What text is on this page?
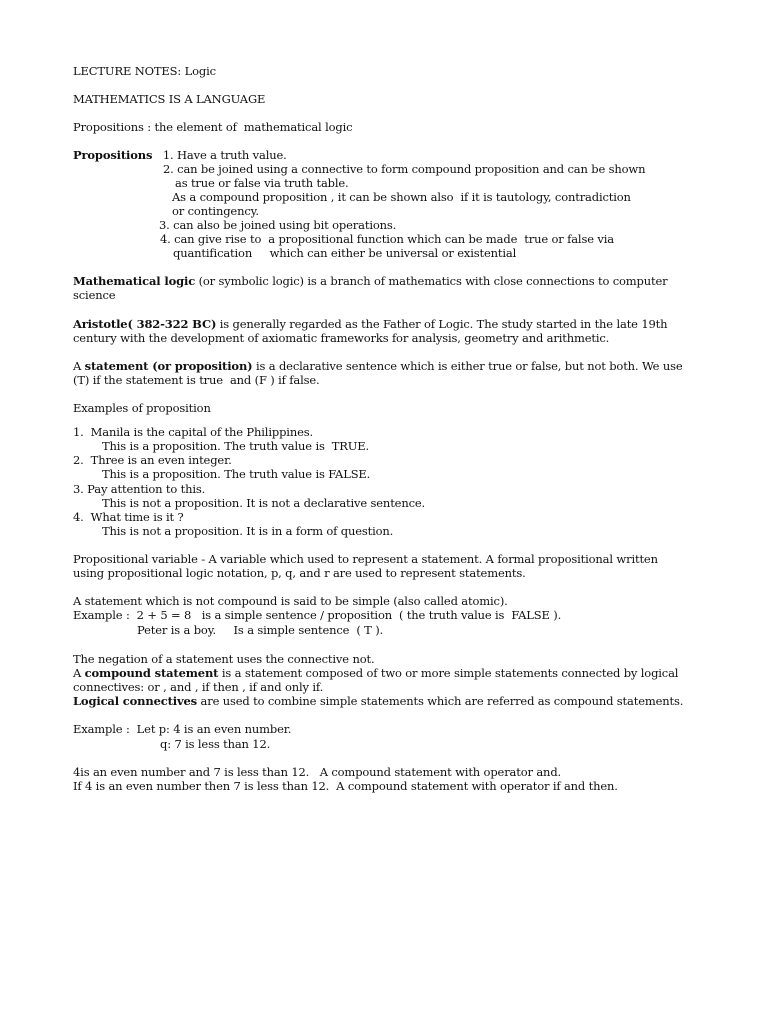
LECTURE NOTES: Logic
MATHEMATICS IS A LANGUAGE
Propositions : the element of  mathematical logic
Propositions 1. Have a truth value.
2. can be joined using a connective to form compound proposition and can be shown
as true or false via truth table.
As a compound proposition , it can be shown also  if it is tautology, contradiction
or contingency.
3. can also be joined using bit operations.
4. can give rise to  a propositional function which can be made  true or false via
quantification     which can either be universal or existential
Mathematical logic (or symbolic logic) is a branch of mathematics with close connections to computer
science
Aristotle( 382-322 BC) is generally regarded as the Father of Logic. The study started in the late 19th
century with the development of axiomatic frameworks for analysis, geometry and arithmetic.
A statement (or proposition) is a declarative sentence which is either true or false, but not both. We use
(T) if the statement is true  and (F ) if false.
Examples of proposition
1.  Manila is the capital of the Philippines.
This is a proposition. The truth value is  TRUE.
2.  Three is an even integer.
This is a proposition. The truth value is FALSE.
3. Pay attention to this.
This is not a proposition. It is not a declarative sentence.
4.  What time is it ?
This is not a proposition. It is in a form of question.
Propositional variable - A variable which used to represent a statement. A formal propositional written
using propositional logic notation, p, q, and r are used to represent statements.
A statement which is not compound is said to be simple (also called atomic).
Example :  2 + 5 = 8   is a simple sentence / proposition  ( the truth value is  FALSE ).
Peter is a boy.     Is a simple sentence  ( T ).
The negation of a statement uses the connective not.
A compound statement is a statement composed of two or more simple statements connected by logical
connectives: or , and , if then , if and only if.
Logical connectives are used to combine simple statements which are referred as compound statements.
Example :  Let p: 4 is an even number.
q: 7 is less than 12.
4is an even number and 7 is less than 12.   A compound statement with operator and.
If 4 is an even number then 7 is less than 12.  A compound statement with operator if and then.
